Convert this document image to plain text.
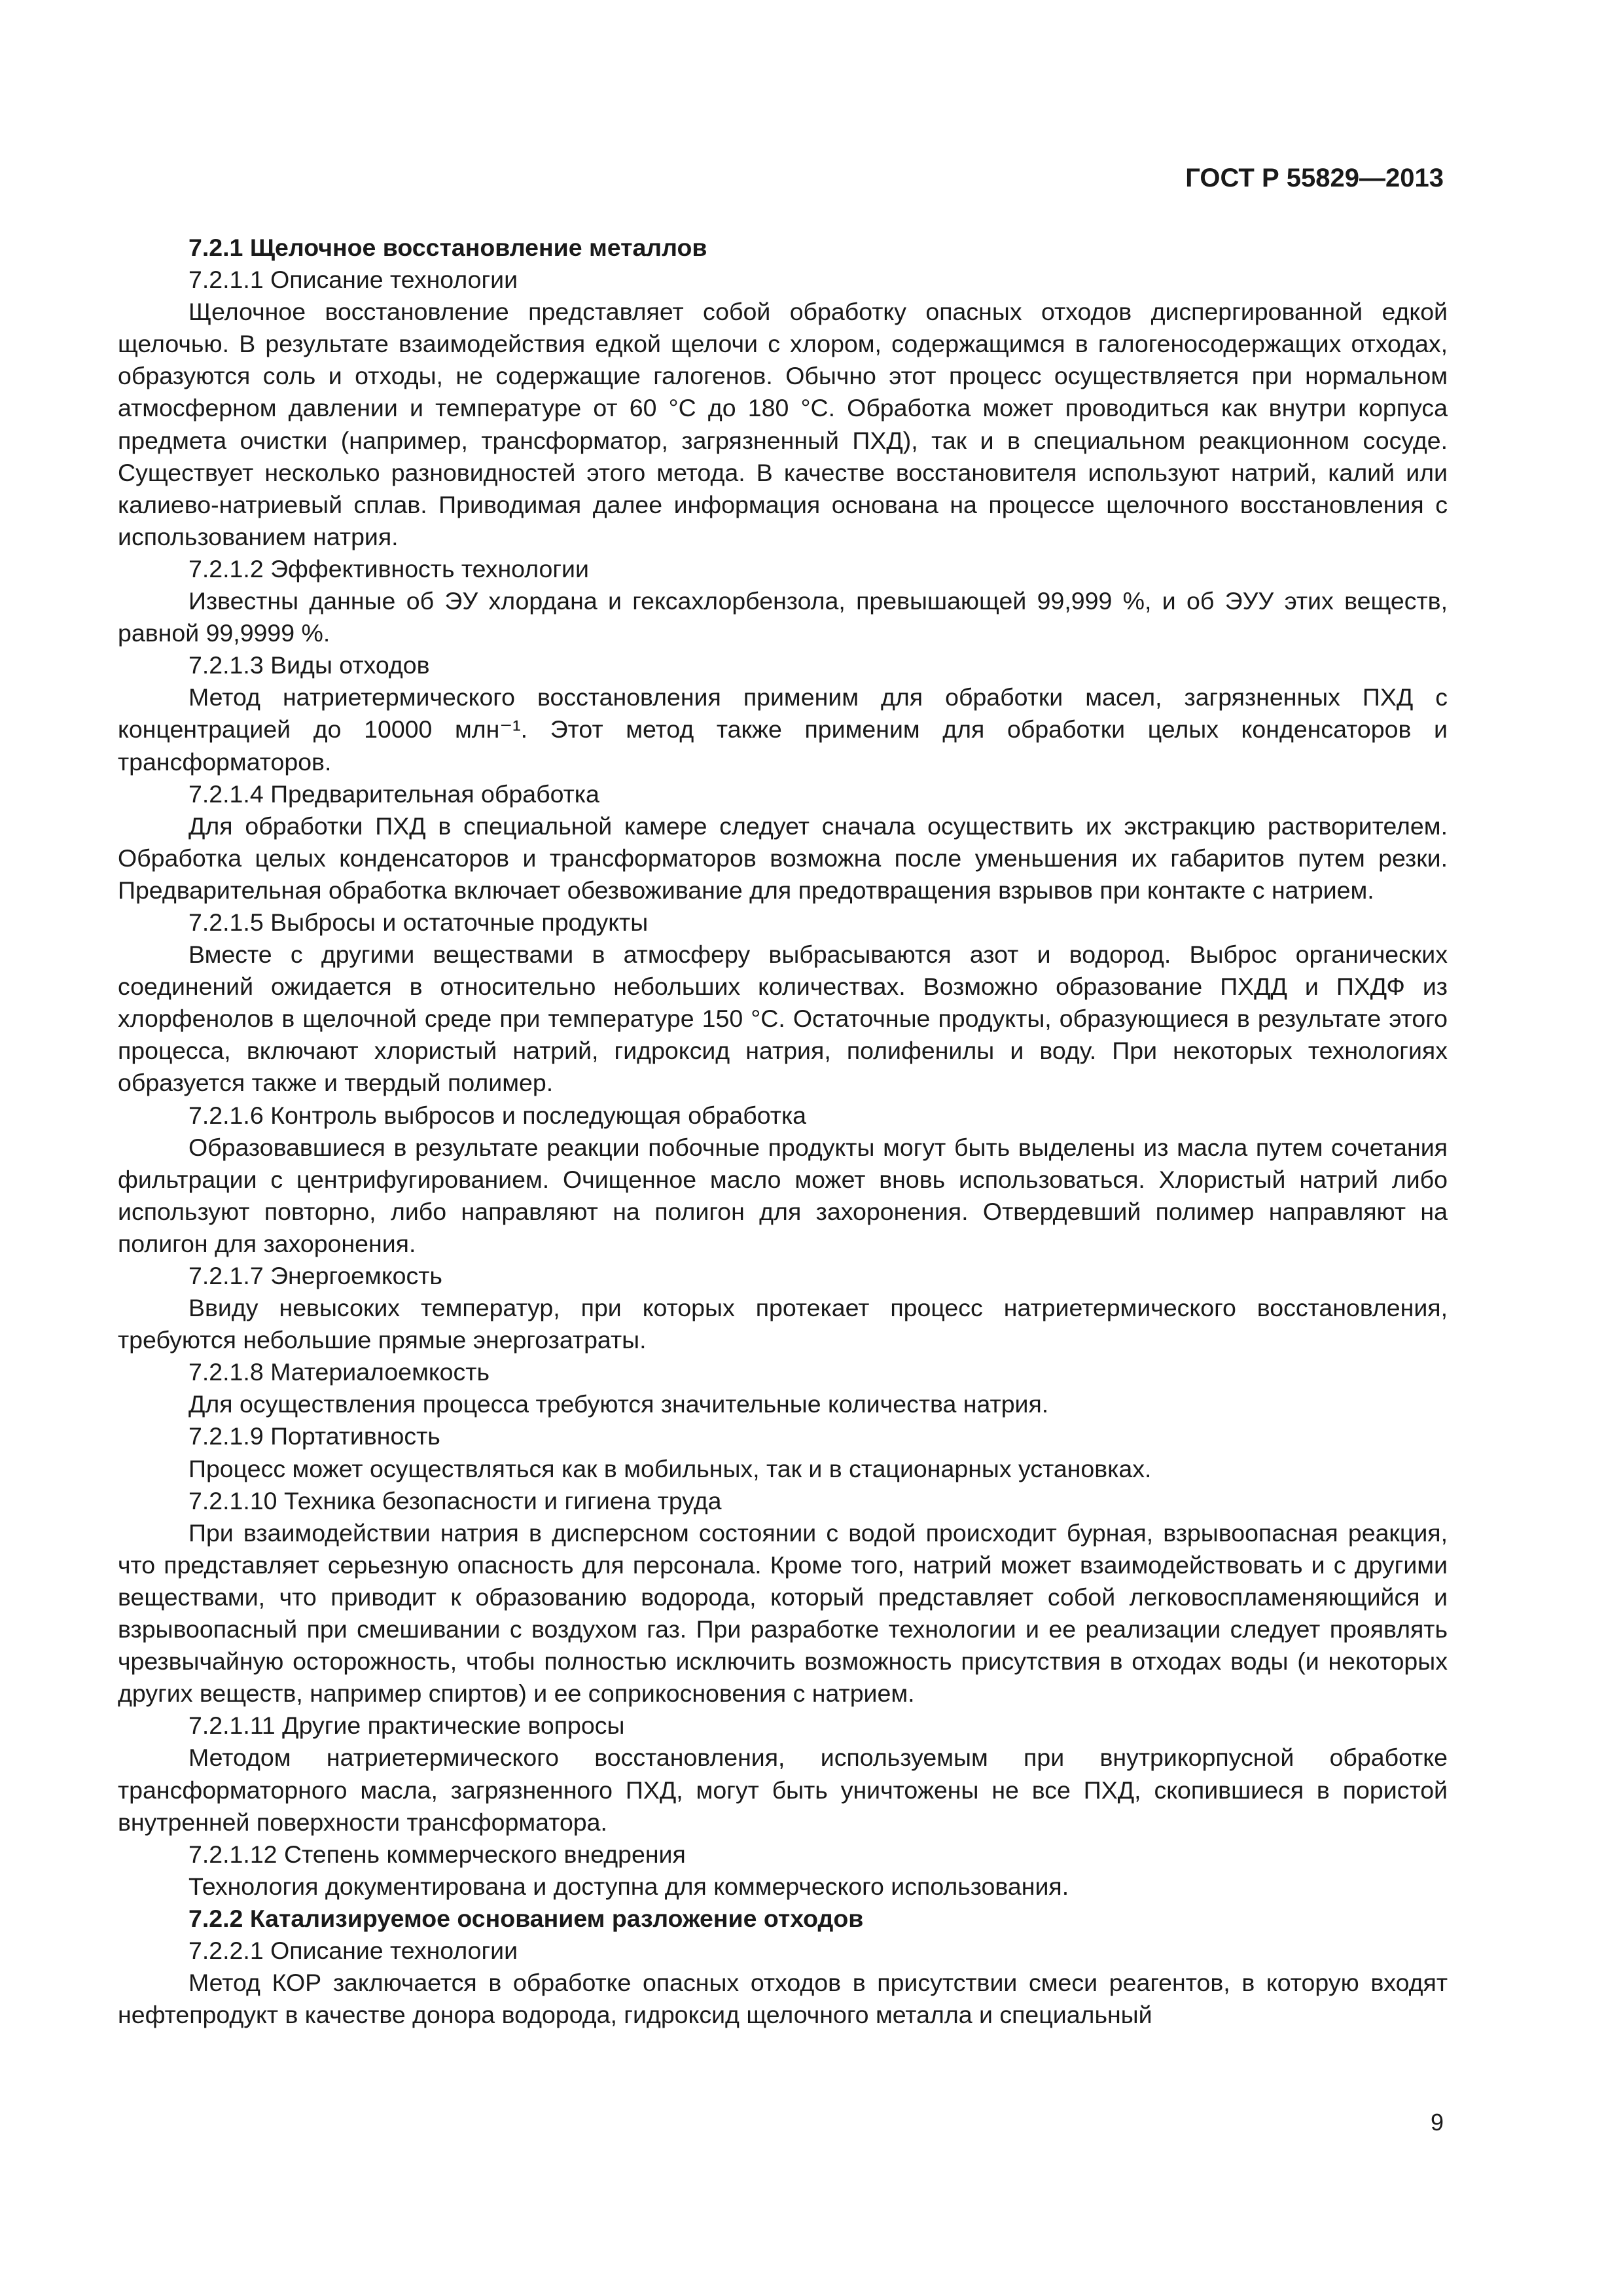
ГОСТ Р 55829—2013

7.2.1 Щелочное восстановление металлов

7.2.1.1 Описание технологии

Щелочное восстановление представляет собой обработку опасных отходов диспергированной едкой щелочью. В результате взаимодействия едкой щелочи с хлором, содержащимся в галогеносодержащих отходах, образуются соль и отходы, не содержащие галогенов. Обычно этот процесс осуществляется при нормальном атмосферном давлении и температуре от 60 °С до 180 °С. Обработка может проводиться как внутри корпуса предмета очистки (например, трансформатор, загрязненный ПХД), так и в специальном реакционном сосуде. Существует несколько разновидностей этого метода. В качестве восстановителя используют натрий, калий или калиево-натриевый сплав. Приводимая далее информация основана на процессе щелочного восстановления с использованием натрия.

7.2.1.2 Эффективность технологии

Известны данные об ЭУ хлордана и гексахлорбензола, превышающей 99,999 %, и об ЭУУ этих веществ, равной 99,9999 %.

7.2.1.3 Виды отходов

Метод натриетермического восстановления применим для обработки масел, загрязненных ПХД с концентрацией до 10000 млн⁻¹. Этот метод также применим для обработки целых конденсаторов и трансформаторов.

7.2.1.4 Предварительная обработка

Для обработки ПХД в специальной камере следует сначала осуществить их экстракцию растворителем. Обработка целых конденсаторов и трансформаторов возможна после уменьшения их габаритов путем резки. Предварительная обработка включает обезвоживание для предотвращения взрывов при контакте с натрием.

7.2.1.5 Выбросы и остаточные продукты

Вместе с другими веществами в атмосферу выбрасываются азот и водород. Выброс органических соединений ожидается в относительно небольших количествах. Возможно образование ПХДД и ПХДФ из хлорфенолов в щелочной среде при температуре 150 °С. Остаточные продукты, образующиеся в результате этого процесса, включают хлористый натрий, гидроксид натрия, полифенилы и воду. При некоторых технологиях образуется также и твердый полимер.

7.2.1.6 Контроль выбросов и последующая обработка

Образовавшиеся в результате реакции побочные продукты могут быть выделены из масла путем сочетания фильтрации с центрифугированием. Очищенное масло может вновь использоваться. Хлористый натрий либо используют повторно, либо направляют на полигон для захоронения. Отвердевший полимер направляют на полигон для захоронения.

7.2.1.7 Энергоемкость

Ввиду невысоких температур, при которых протекает процесс натриетермического восстановления, требуются небольшие прямые энергозатраты.

7.2.1.8 Материалоемкость

Для осуществления процесса требуются значительные количества натрия.

7.2.1.9 Портативность

Процесс может осуществляться как в мобильных, так и в стационарных установках.

7.2.1.10 Техника безопасности и гигиена труда

При взаимодействии натрия в дисперсном состоянии с водой происходит бурная, взрывоопасная реакция, что представляет серьезную опасность для персонала. Кроме того, натрий может взаимодействовать и с другими веществами, что приводит к образованию водорода, который представляет собой легковоспламеняющийся и взрывоопасный при смешивании с воздухом газ. При разработке технологии и ее реализации следует проявлять чрезвычайную осторожность, чтобы полностью исключить возможность присутствия в отходах воды (и некоторых других веществ, например спиртов) и ее соприкосновения с натрием.

7.2.1.11 Другие практические вопросы

Методом натриетермического восстановления, используемым при внутрикорпусной обработке трансформаторного масла, загрязненного ПХД, могут быть уничтожены не все ПХД, скопившиеся в пористой внутренней поверхности трансформатора.

7.2.1.12 Степень коммерческого внедрения

Технология документирована и доступна для коммерческого использования.

7.2.2 Катализируемое основанием разложение отходов

7.2.2.1 Описание технологии

Метод КОР заключается в обработке опасных отходов в присутствии смеси реагентов, в которую входят нефтепродукт в качестве донора водорода, гидроксид щелочного металла и специальный

9
